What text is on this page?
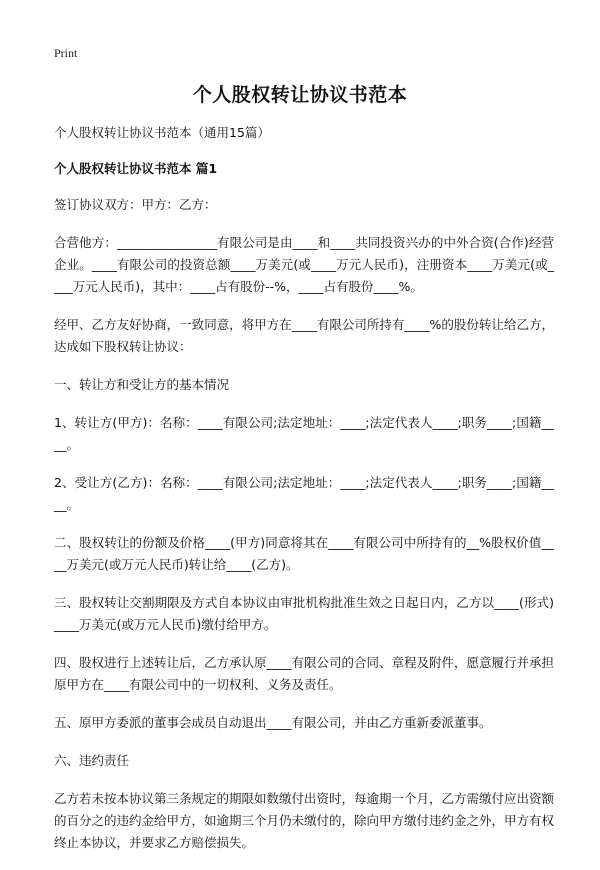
Print
个人股权转让协议书范本

个人股权转让协议书范本（通用15篇）

个人股权转让协议书范本 篇1

签订协议双方：甲方：乙方：

合营他方：________________有限公司是由____和____共同投资兴办的中外合资(合作)经营企业。____有限公司的投资总额____万美元(或____万元人民币)，注册资本____万美元(或____万元人民币)，其中：____占有股份--%，____占有股份____%。

经甲、乙方友好协商，一致同意，将甲方在____有限公司所持有____%的股份转让给乙方，达成如下股权转让协议：

一、转让方和受让方的基本情况

1、转让方(甲方)：名称：____有限公司;法定地址：____;法定代表人____;职务____;国籍____。

2、受让方(乙方)：名称：____有限公司;法定地址：____;法定代表人____;职务____;国籍____。

二、股权转让的份额及价格____(甲方)同意将其在____有限公司中所持有的__%股权价值____万美元(或万元人民币)转让给____(乙方)。

三、股权转让交割期限及方式自本协议由审批机构批准生效之日起日内，乙方以____(形式)____万美元(或万元人民币)缴付给甲方。

四、股权进行上述转让后，乙方承认原____有限公司的合同、章程及附件，愿意履行并承担原甲方在____有限公司中的一切权利、义务及责任。

五、原甲方委派的董事会成员自动退出____有限公司，并由乙方重新委派董事。

六、违约责任

乙方若未按本协议第三条规定的期限如数缴付出资时，每逾期一个月，乙方需缴付应出资额的百分之的违约金给甲方，如逾期三个月仍未缴付的，除向甲方缴付违约金之外，甲方有权终止本协议，并要求乙方赔偿损失。
